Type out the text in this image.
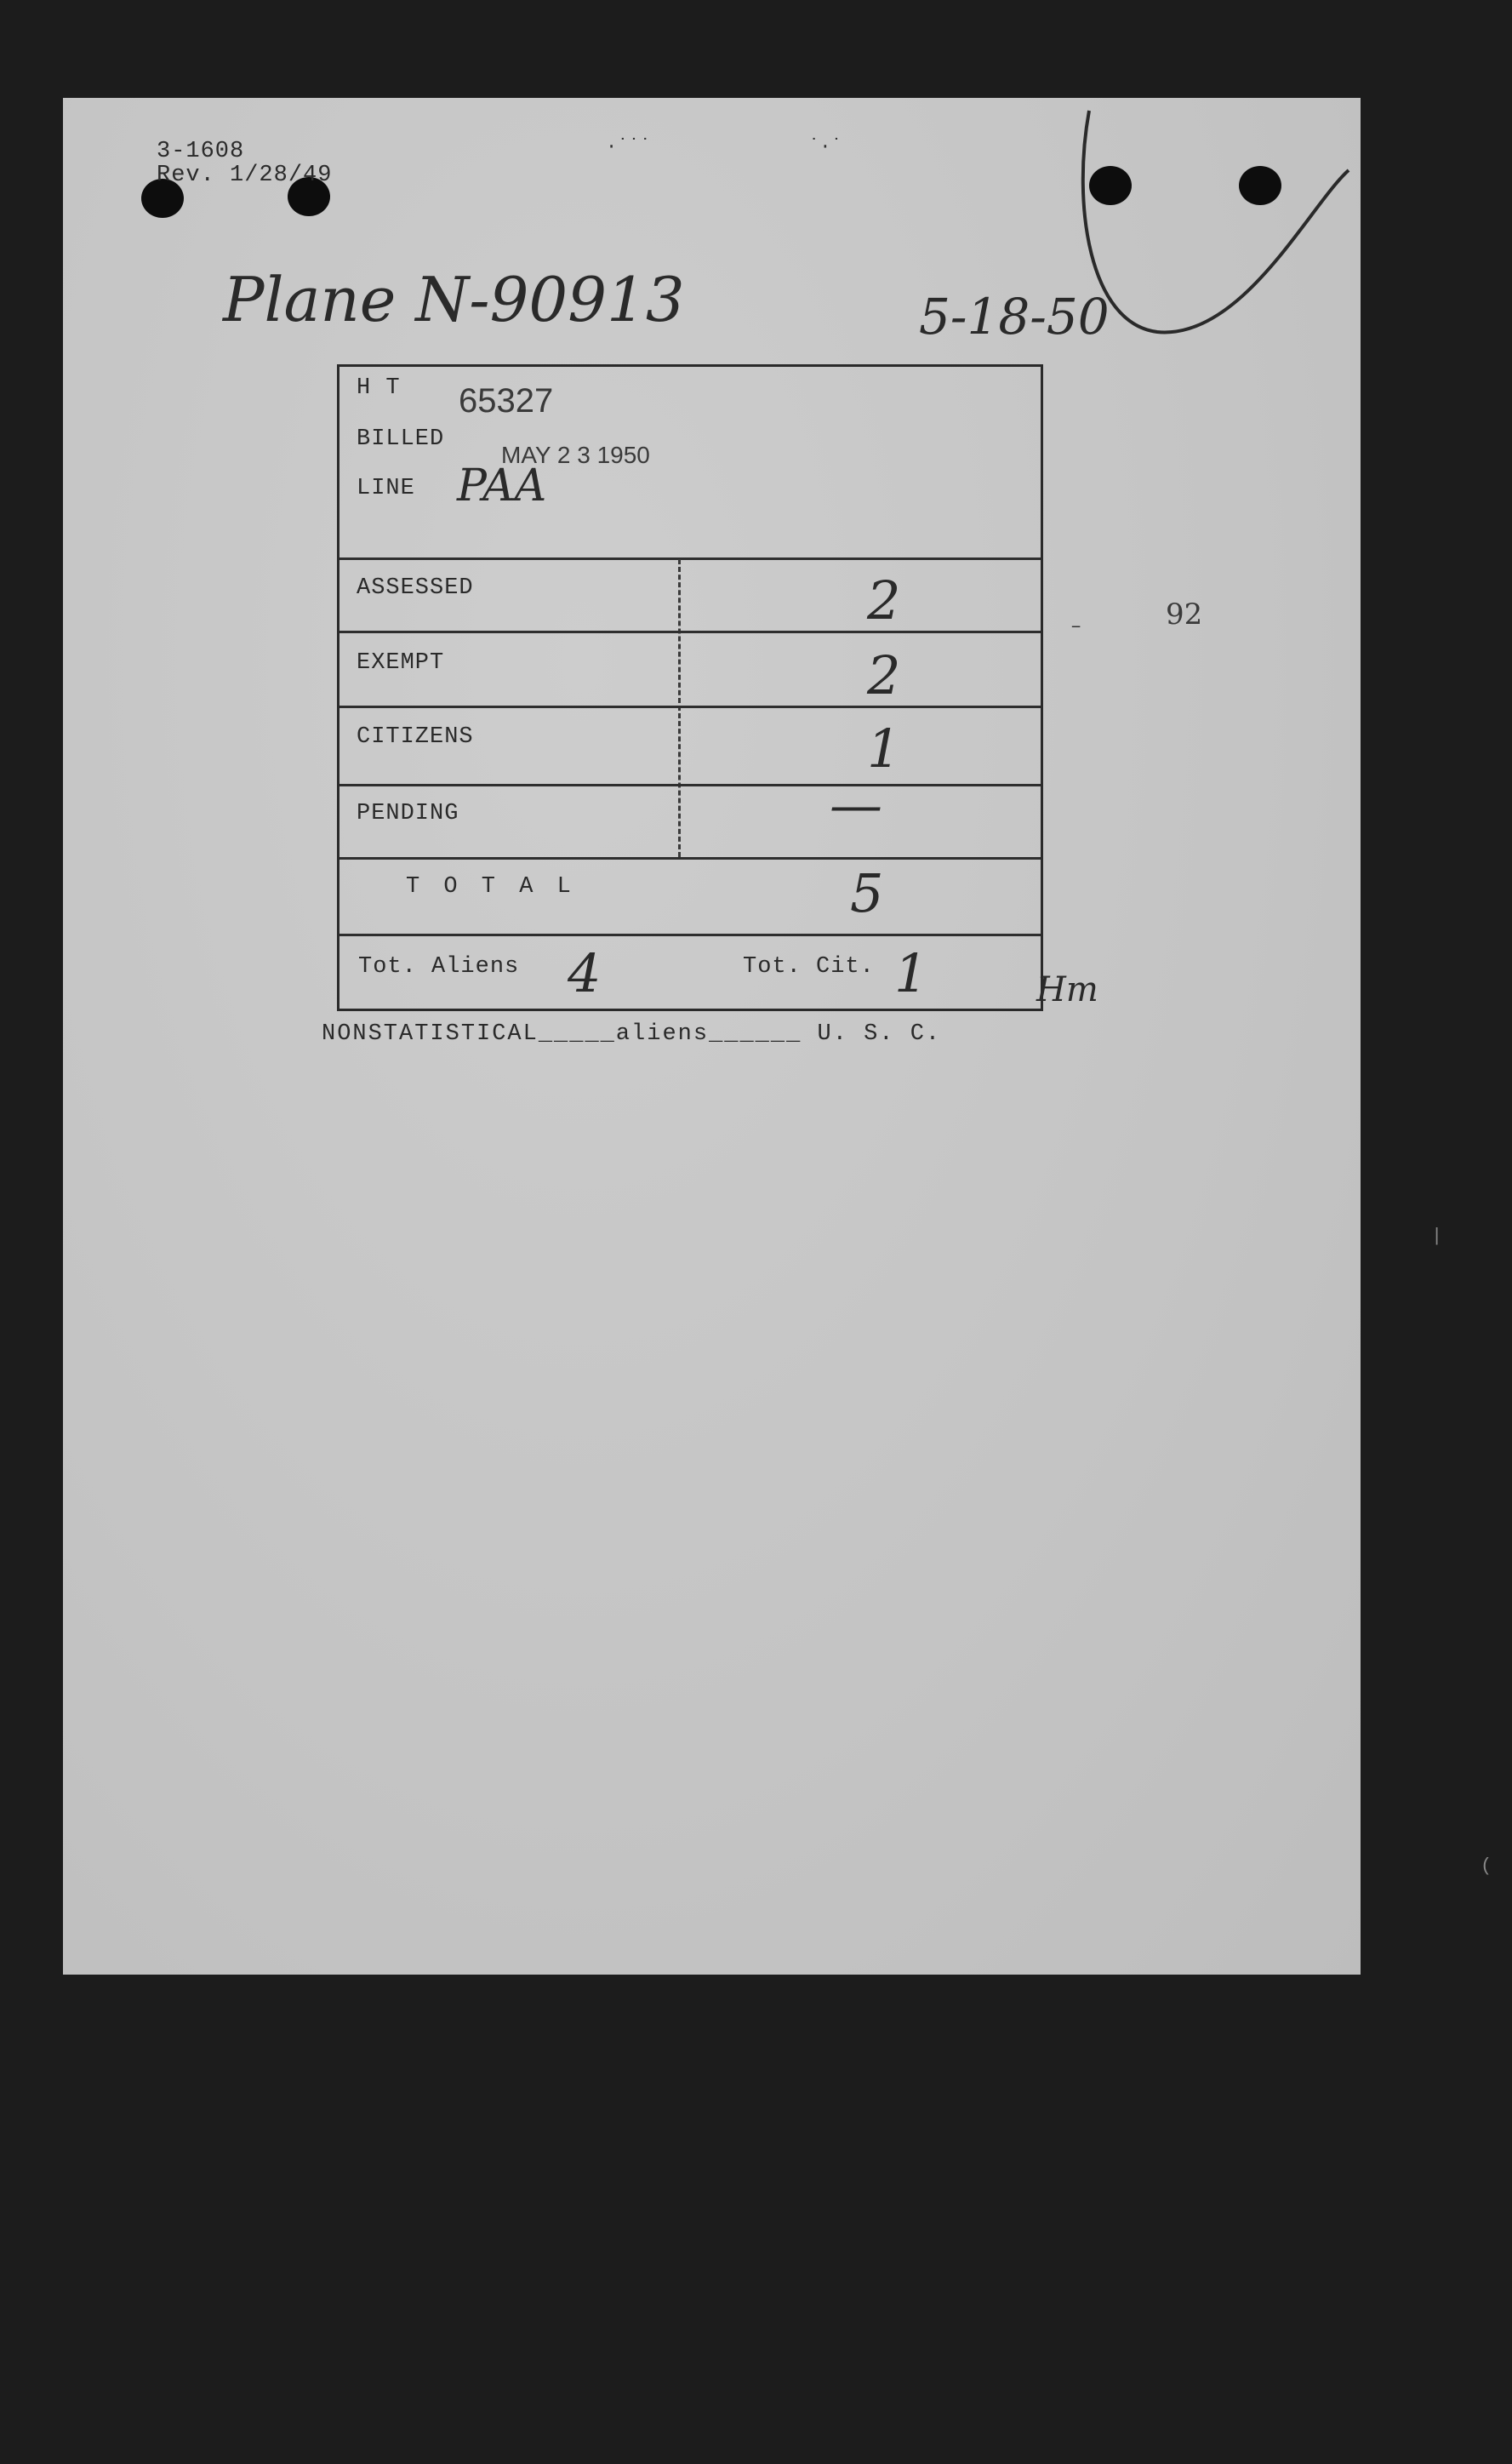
3-1608
Rev. 1/28/49
·˙˙˙	˙·˙
Plane N-90913	5-18-50
H T 65327
BILLED
MAY 2 3 1950
LINE PAA
ASSESSED	2
EXEMPT	2
CITIZENS	1
PENDING	—
T O T A L	5
Tot. Aliens 4	Tot. Cit. 1	Hm
92
–
NONSTATISTICAL_____aliens______ U. S. C.
|
(
